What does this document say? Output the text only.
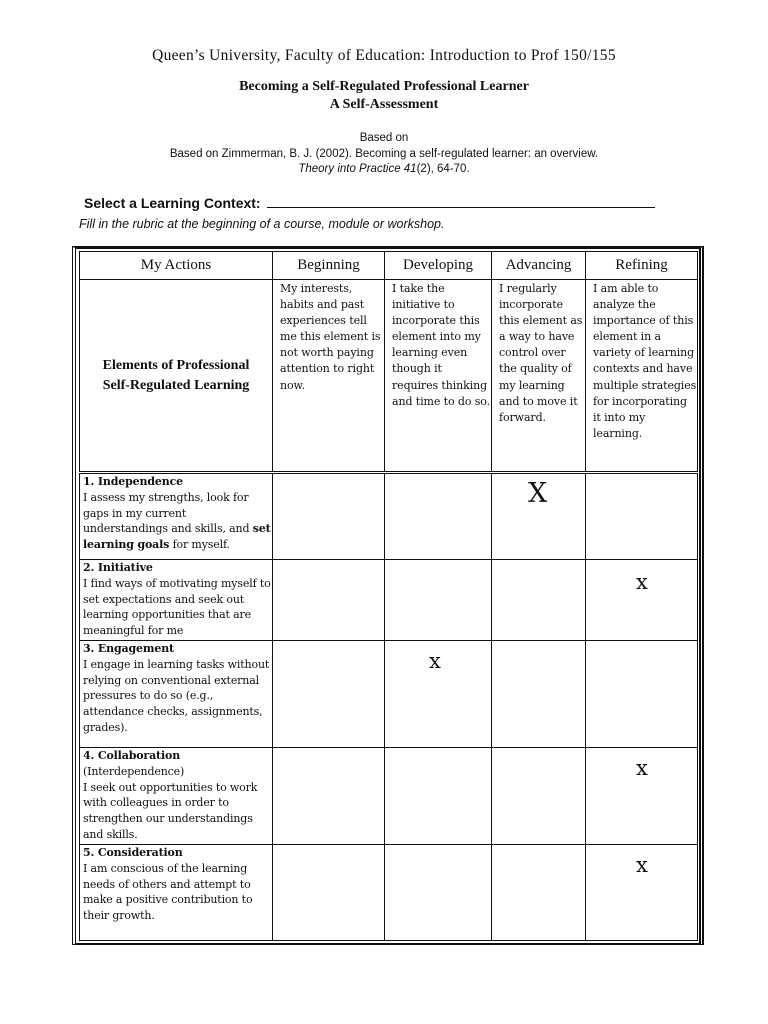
Queen’s University, Faculty of Education: Introduction to Prof 150/155
Becoming a Self-Regulated Professional Learner
A Self-Assessment
Based on
Based on Zimmerman, B. J. (2002). Becoming a self-regulated learner: an overview.
Theory into Practice 41(2), 64-70.
Select a Learning Context:
Fill in the rubric at the beginning of a course, module or workshop.
My Actions	Beginning	Developing	Advancing	Refining

Elements of Professional
Self-Regulated Learning	My interests, habits and past experiences tell me this element is not worth paying attention to right now.	I take the initiative to incorporate this element into my learning even though it requires thinking and time to do so.	I regularly incorporate this element as a way to have control over the quality of my learning and to move it forward.	I am able to analyze the importance of this element in a variety of learning contexts and have multiple strategies for incorporating it into my learning.
1. Independence
I assess my strengths, look for gaps in my current understandings and skills, and set learning goals for myself.			X	

2. Initiative
I find ways of motivating myself to set expectations and seek out learning opportunities that are meaningful for me				x

3. Engagement
I engage in learning tasks without relying on conventional external pressures to do so (e.g., attendance checks, assignments, grades).		x		

4. Collaboration
(Interdependence)
I seek out opportunities to work with colleagues in order to strengthen our understandings and skills.				x

5. Consideration
I am conscious of the learning needs of others and attempt to make a positive contribution to their growth.				x
